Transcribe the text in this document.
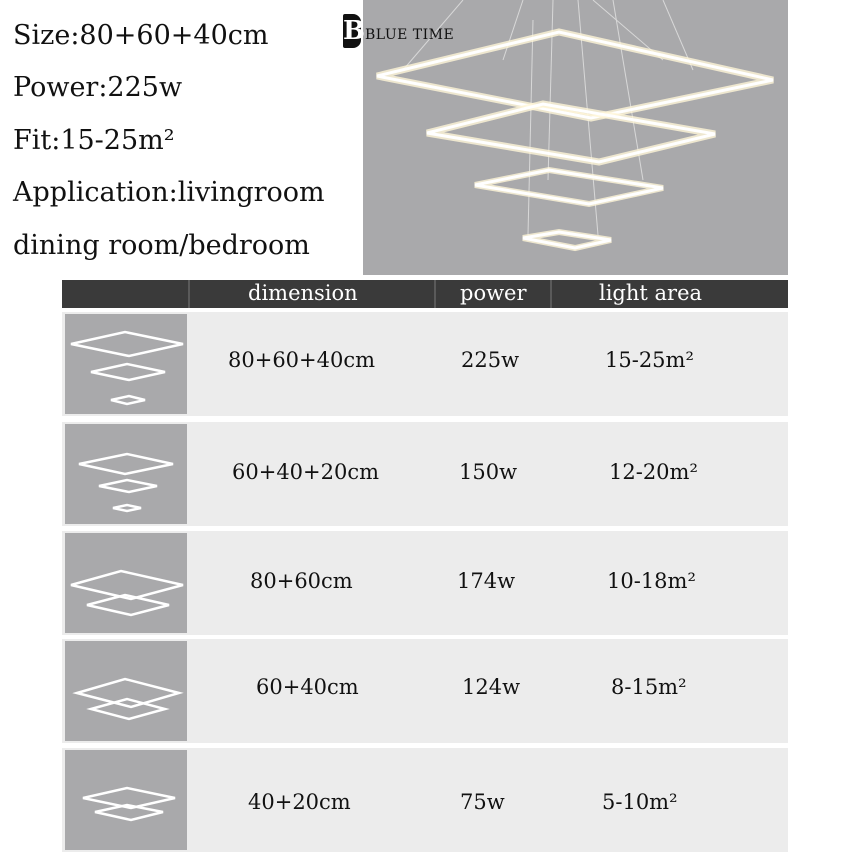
Size:80+60+40cm
Power:225w
Fit:15-25m²
Application:livingroom
dining room/bedroom
B BLUE TIME
dimension	power	light area
80+60+40cm	225w	15-25m²
60+40+20cm	150w	12-20m²
80+60cm	174w	10-18m²
60+40cm	124w	8-15m²
40+20cm	75w	5-10m²
